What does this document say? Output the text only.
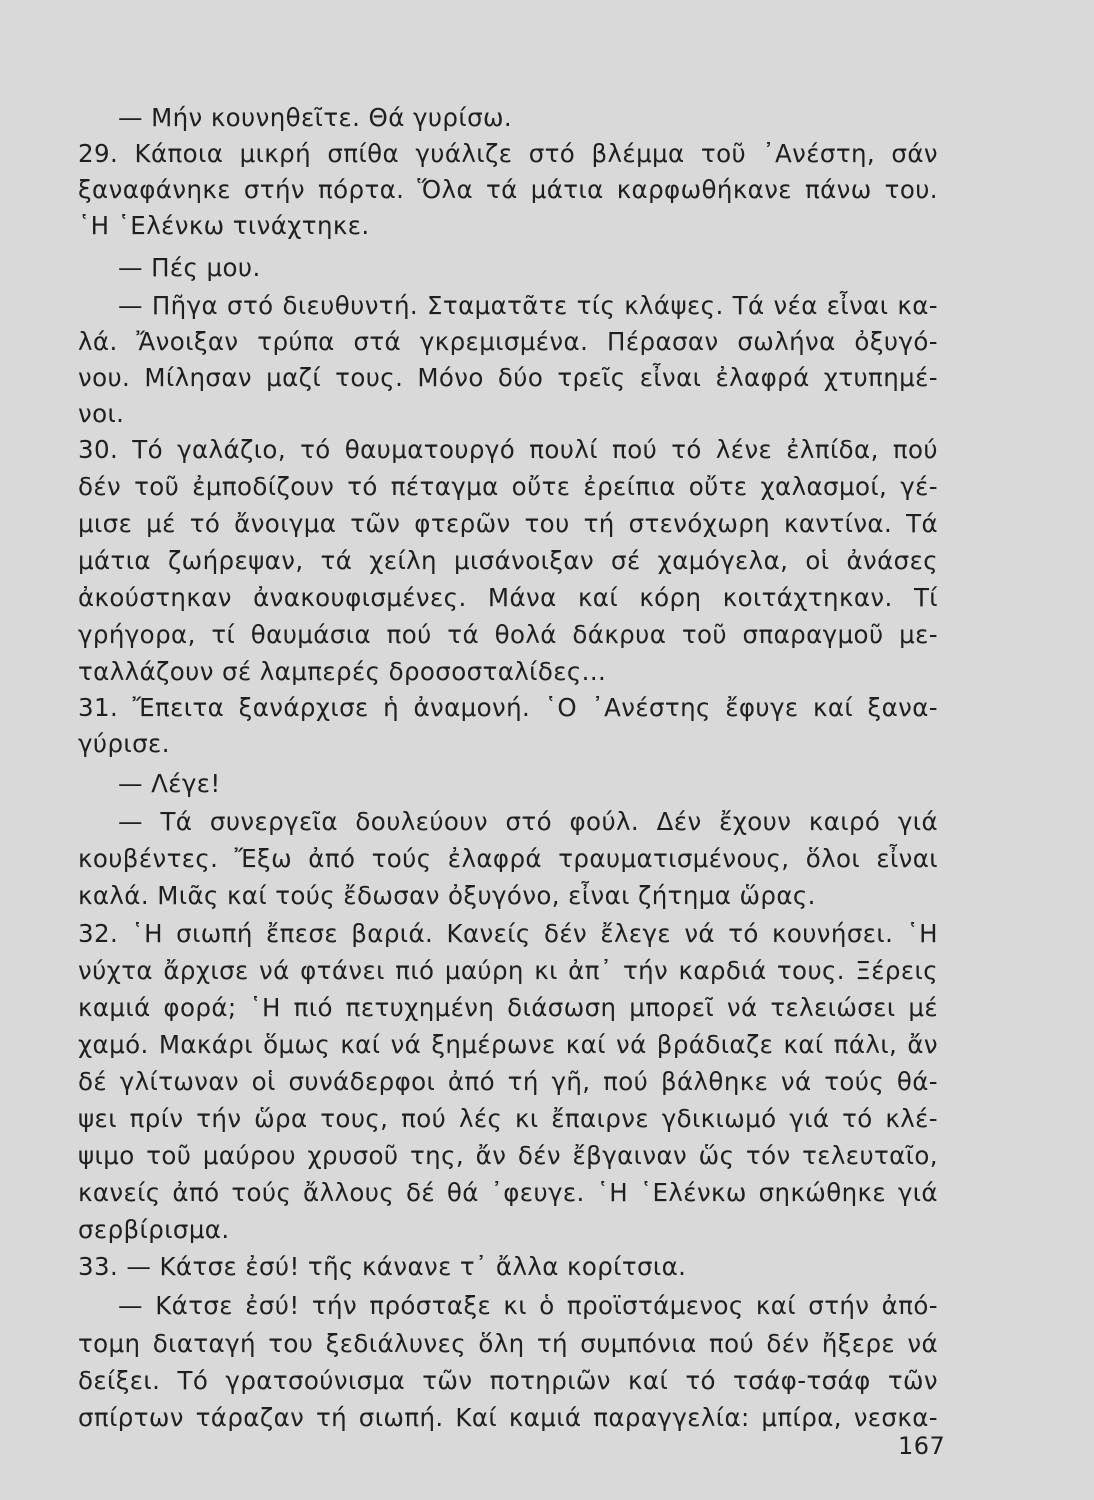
— Μήν κουνηθεῖτε. Θά γυρίσω.
29. Κάποια μικρή σπίθα γυάλιζε στό βλέμμα τοῦ ᾿Ανέστη, σάν
ξαναφάνηκε στήν πόρτα. Ὅλα τά μάτια καρφωθήκανε πάνω του.
῾Η ῾Ελένκω τινάχτηκε.
— Πές μου.
— Πῆγα στό διευθυντή. Σταματᾶτε τίς κλάψες. Τά νέα εἶναι κα-
λά. Ἄνοιξαν τρύπα στά γκρεμισμένα. Πέρασαν σωλήνα ὀξυγό-
νου. Μίλησαν μαζί τους. Μόνο δύο τρεῖς εἶναι ἐλαφρά χτυπημέ-
νοι.
30. Τό γαλάζιο, τό θαυματουργό πουλί πού τό λένε ἐλπίδα, πού
δέν τοῦ ἐμποδίζουν τό πέταγμα οὔτε ἐρείπια οὔτε χαλασμοί, γέ-
μισε μέ τό ἄνοιγμα τῶν φτερῶν του τή στενόχωρη καντίνα. Τά
μάτια ζωήρεψαν, τά χείλη μισάνοιξαν σέ χαμόγελα, οἱ ἀνάσες
ἀκούστηκαν ἀνακουφισμένες. Μάνα καί κόρη κοιτάχτηκαν. Τί
γρήγορα, τί θαυμάσια πού τά θολά δάκρυα τοῦ σπαραγμοῦ με-
ταλλάζουν σέ λαμπερές δροσοσταλίδες...
31. Ἔπειτα ξανάρχισε ἡ ἀναμονή. ῾Ο ᾿Ανέστης ἔφυγε καί ξανα-
γύρισε.
— Λέγε!
— Τά συνεργεῖα δουλεύουν στό φούλ. Δέν ἔχουν καιρό γιά
κουβέντες. Ἔξω ἀπό τούς ἐλαφρά τραυματισμένους, ὅλοι εἶναι
καλά. Μιᾶς καί τούς ἔδωσαν ὀξυγόνο, εἶναι ζήτημα ὥρας.
32. ῾Η σιωπή ἔπεσε βαριά. Κανείς δέν ἔλεγε νά τό κουνήσει. ῾Η
νύχτα ἄρχισε νά φτάνει πιό μαύρη κι ἀπ᾿ τήν καρδιά τους. Ξέρεις
καμιά φορά; ῾Η πιό πετυχημένη διάσωση μπορεῖ νά τελειώσει μέ
χαμό. Μακάρι ὅμως καί νά ξημέρωνε καί νά βράδιαζε καί πάλι, ἄν
δέ γλίτωναν οἱ συνάδερφοι ἀπό τή γῆ, πού βάλθηκε νά τούς θά-
ψει πρίν τήν ὥρα τους, πού λές κι ἔπαιρνε γδικιωμό γιά τό κλέ-
ψιμο τοῦ μαύρου χρυσοῦ της, ἄν δέν ἔβγαιναν ὥς τόν τελευταῖο,
κανείς ἀπό τούς ἄλλους δέ θά ᾿φευγε. ῾Η ῾Ελένκω σηκώθηκε γιά
σερβίρισμα.
33. — Κάτσε ἐσύ! τῆς κάνανε τ᾿ ἄλλα κορίτσια.
— Κάτσε ἐσύ! τήν πρόσταξε κι ὁ προϊστάμενος καί στήν ἀπό-
τομη διαταγή του ξεδιάλυνες ὅλη τή συμπόνια πού δέν ἤξερε νά
δείξει. Τό γρατσούνισμα τῶν ποτηριῶν καί τό τσάφ-τσάφ τῶν
σπίρτων τάραζαν τή σιωπή. Καί καμιά παραγγελία: μπίρα, νεσκα-
167
